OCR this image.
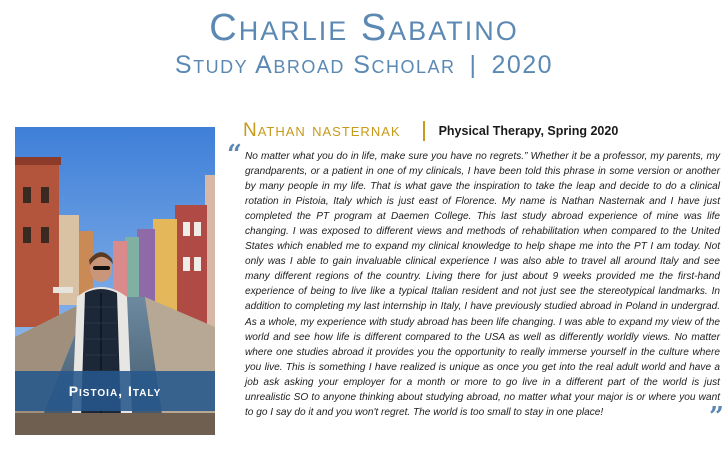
Charlie Sabatino
Study Abroad Scholar | 2020
Pistoia, Italy
Nathan nasternak	Physical Therapy, Spring 2020
“ No matter what you do in life, make sure you have no regrets.” Whether it be a professor, my parents, my grandparents, or a patient in one of my clinicals, I have been told this phrase in some version or another by many people in my life. That is what gave the inspiration to take the leap and decide to do a clinical rotation in Pistoia, Italy which is just east of Florence. My name is Nathan Nasternak and I have just completed the PT program at Daemen College. This last study abroad experience of mine was life changing. I was exposed to different views and methods of rehabilitation when compared to the United States which enabled me to expand my clinical knowledge to help shape me into the PT I am today. Not only was I able to gain invaluable clinical experience I was also able to travel all around Italy and see many different regions of the country. Living there for just about 9 weeks provided me the first-hand experience of being to live like a typical Italian resident and not just see the stereotypical landmarks. In addition to completing my last internship in Italy, I have previously studied abroad in Poland in undergrad. As a whole, my experience with study abroad has been life changing. I was able to expand my view of the world and see how life is different compared to the USA as well as differently worldly views. No matter where one studies abroad it provides you the opportunity to really immerse yourself in the culture where you live. This is something I have realized is unique as once you get into the real adult world and have a job ask asking your employer for a month or more to go live in a different part of the world is just unrealistic SO to anyone thinking about studying abroad, no matter what your major is or where you want to go I say do it and you won't regret. The world is too small to stay in one place!	”
